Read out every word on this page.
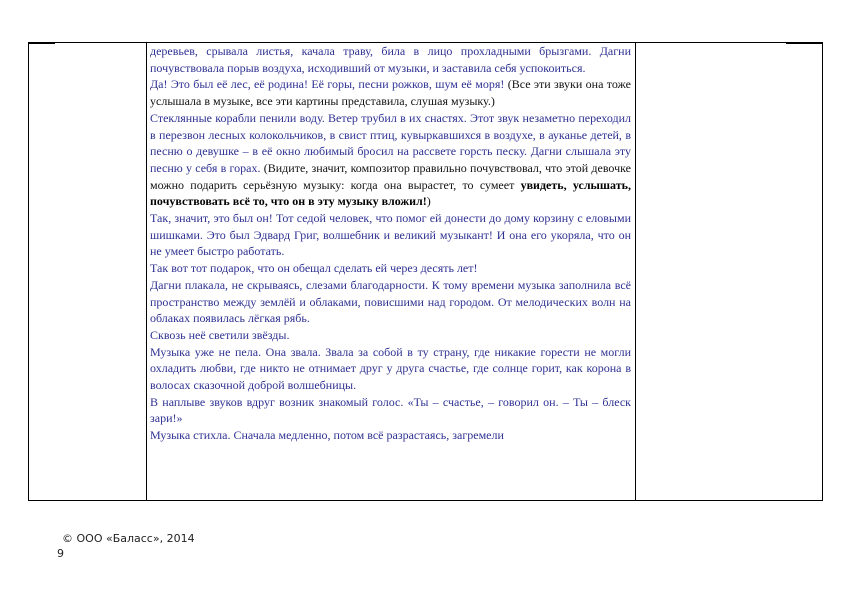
деревьев, срывала листья, качала траву, била в лицо прохладными брызгами. Дагни почувствовала порыв воздуха, исходивший от музыки, и заставила себя успокоиться.

Да! Это был её лес, её родина! Её горы, песни рожков, шум её моря! (Все эти звуки она тоже услышала в музыке, все эти картины представила, слушая музыку.)

Стеклянные корабли пенили воду. Ветер трубил в их снастях. Этот звук незаметно переходил в перезвон лесных колокольчиков, в свист птиц, кувыркавшихся в воздухе, в ауканье детей, в песню о девушке – в её окно любимый бросил на рассвете горсть песку. Дагни слышала эту песню у себя в горах. (Видите, значит, композитор правильно почувствовал, что этой девочке можно подарить серьёзную музыку: когда она вырастет, то сумеет увидеть, услышать, почувствовать всё то, что он в эту музыку вложил!)

Так, значит, это был он! Тот седой человек, что помог ей донести до дому корзину с еловыми шишками. Это был Эдвард Григ, волшебник и великий музыкант! И она его укоряла, что он не умеет быстро работать.

Так вот тот подарок, что он обещал сделать ей через десять лет!

Дагни плакала, не скрываясь, слезами благодарности. К тому времени музыка заполнила всё пространство между землёй и облаками, повисшими над городом. От мелодических волн на облаках появилась лёгкая рябь.

Сквозь неё светили звёзды.

Музыка уже не пела. Она звала. Звала за собой в ту страну, где никакие горести не могли охладить любви, где никто не отнимает друг у друга счастье, где солнце горит, как корона в волосах сказочной доброй волшебницы.

В наплыве звуков вдруг возник знакомый голос. «Ты – счастье, – говорил он. – Ты – блеск зари!»

Музыка стихла. Сначала медленно, потом всё разрастаясь, загремели

© ООО «Баласс», 2014
9
